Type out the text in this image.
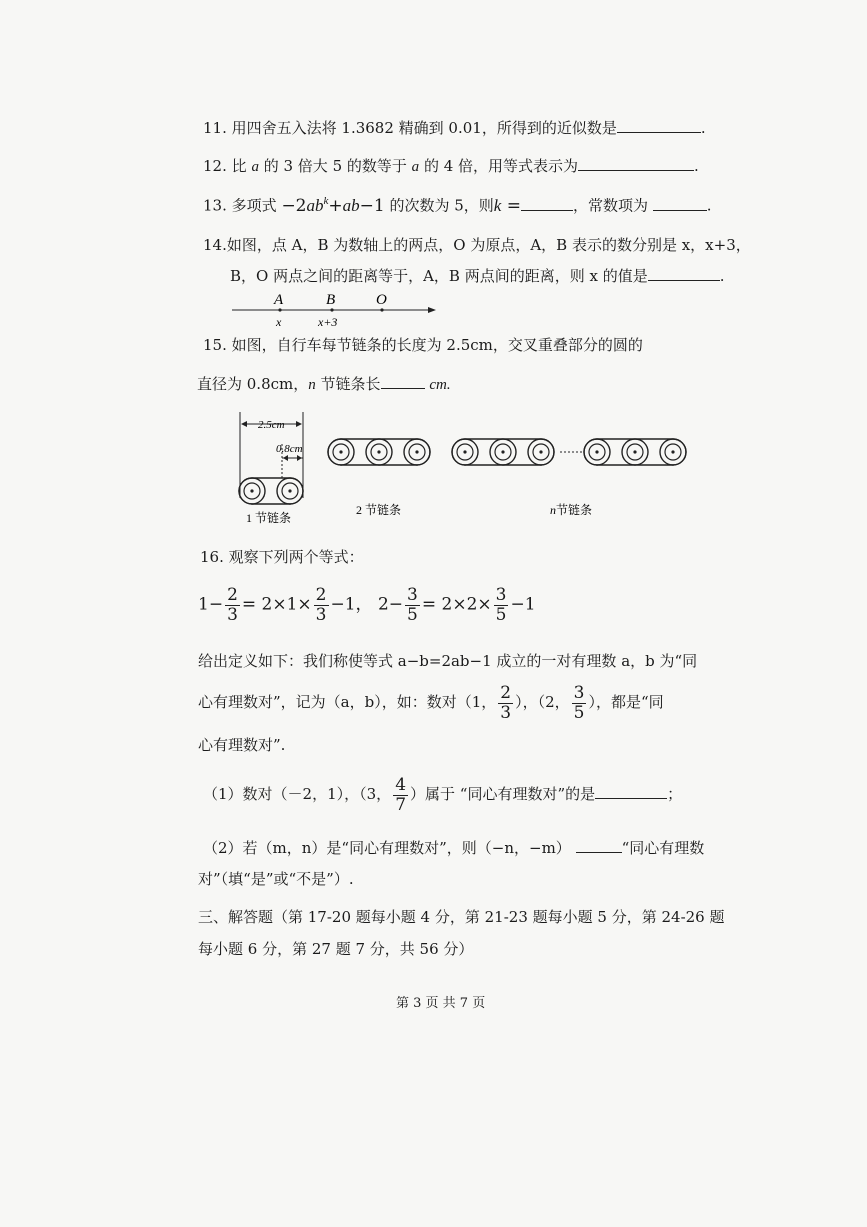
11. 用四舍五入法将 1.3682 精确到 0.01，所得到的近似数是	.
12. 比 a 的 3 倍大 5 的数等于 a 的 4 倍，用等式表示为	.
13. 多项式 $-2ab^k+ab-1$ 的次数为 5，则k =	，常数项为	.
14.如图，点 A，B 为数轴上的两点，O 为原点，A，B 表示的数分别是 x，x+3，
B，O 两点之间的距离等于，A，B 两点间的距离，则 x 的值是	.
A	B	O
x	x+3
15. 如图，自行车每节链条的长度为 2.5cm，交叉重叠部分的圆的
直径为 0.8cm，n 节链条长	cm.
2.5cm
0.8cm
1 节链条
2 节链条	n节链条
16. 观察下列两个等式：
$1- \frac{2}{3} = 2\times 1\times \frac{2}{3} -1$， $2- \frac{3}{5} = 2\times 2\times \frac{3}{5} -1$
给出定义如下：我们称使等式 a−b=2ab−1 成立的一对有理数 a，b 为“同
心有理数对”，记为（a，b），如：数对（1， $\frac{2}{3}$ ），（2， $\frac{3}{5}$ ），都是“同
心有理数对”.
（1）数对（－2，1），（3， $\frac{4}{7}$ ）属于 “同心有理数对”的是	；
（2）若（m，n）是“同心有理数对”，则（−n，−m）	“同心有理数
对”（填“是”或“不是”）.
三、解答题（第 17-20 题每小题 4 分，第 21-23 题每小题 5 分，第 24-26 题
每小题 6 分，第 27 题 7 分，共 56 分）
第 3 页 共 7 页
